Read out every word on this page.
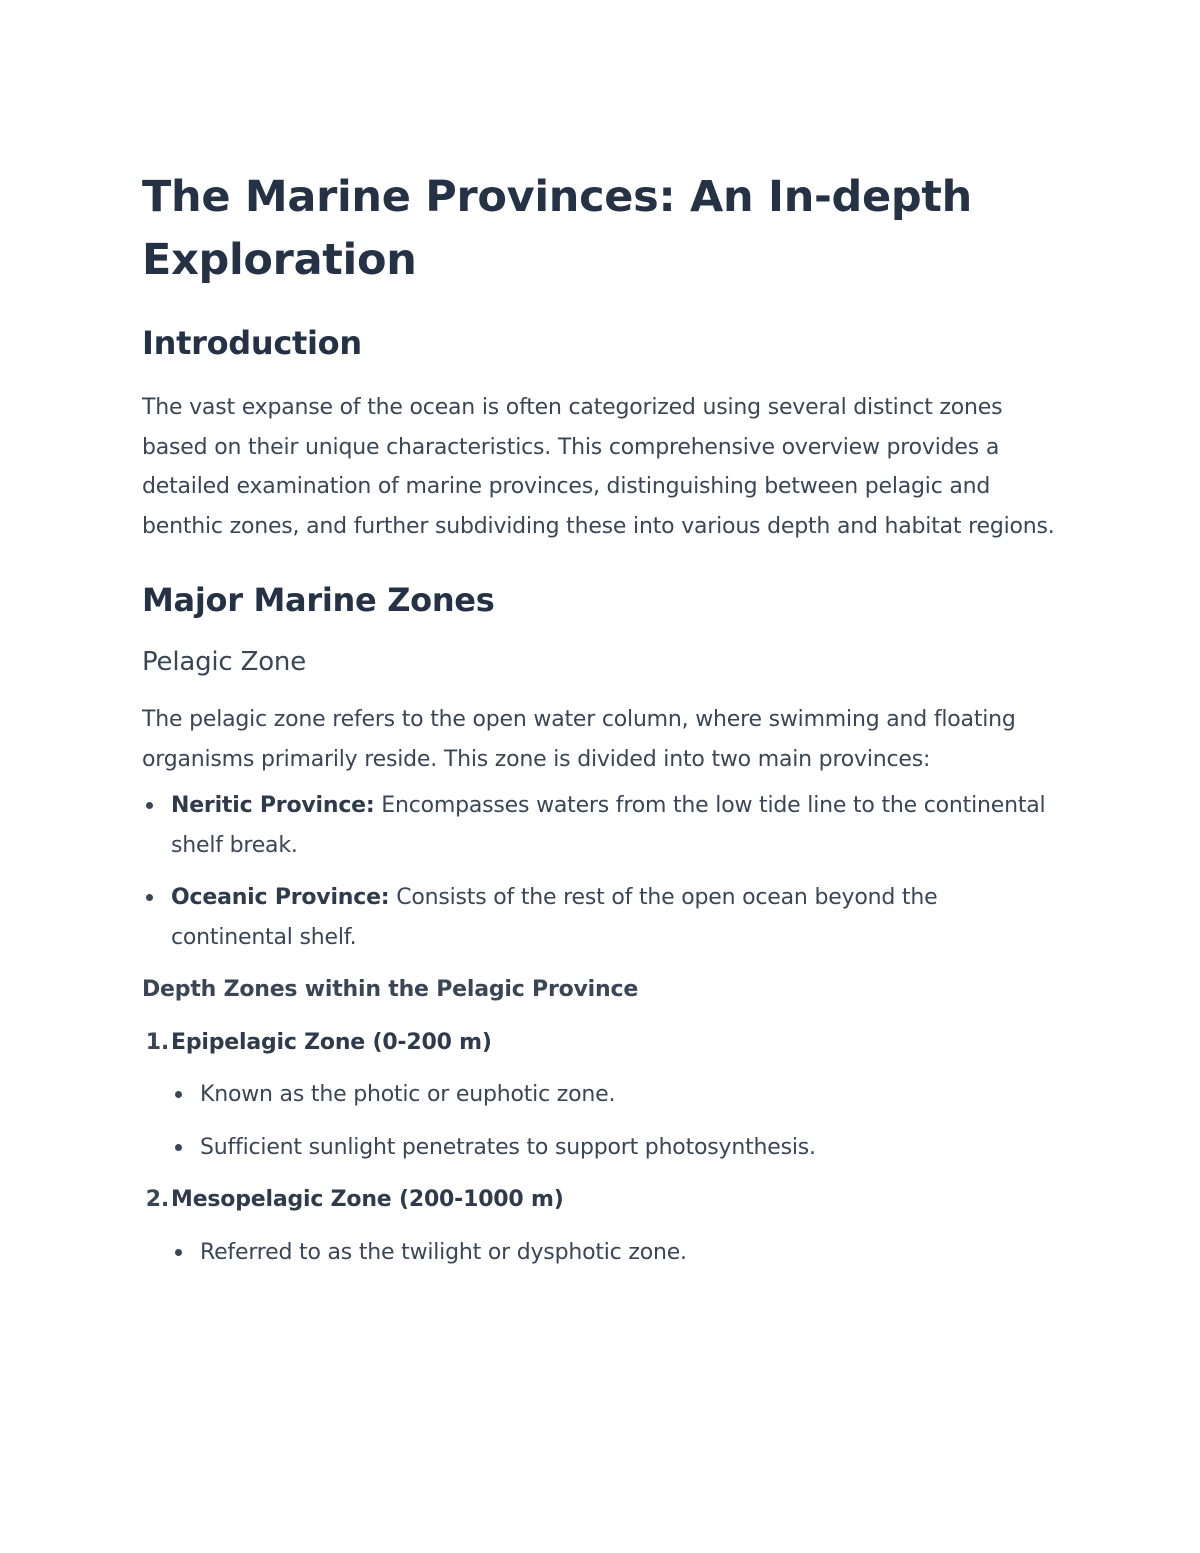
The Marine Provinces: An In-depth Exploration
Introduction

The vast expanse of the ocean is often categorized using several distinct zones based on their unique characteristics. This comprehensive overview provides a detailed examination of marine provinces, distinguishing between pelagic and benthic zones, and further subdividing these into various depth and habitat regions.

Major Marine Zones
Pelagic Zone

The pelagic zone refers to the open water column, where swimming and floating organisms primarily reside. This zone is divided into two main provinces:

Neritic Province: Encompasses waters from the low tide line to the continental shelf break.
Oceanic Province: Consists of the rest of the open ocean beyond the continental shelf.
Depth Zones within the Pelagic Province
1. Epipelagic Zone (0-200 m)
Known as the photic or euphotic zone.
Sufficient sunlight penetrates to support photosynthesis.
2. Mesopelagic Zone (200-1000 m)
Referred to as the twilight or dysphotic zone.
